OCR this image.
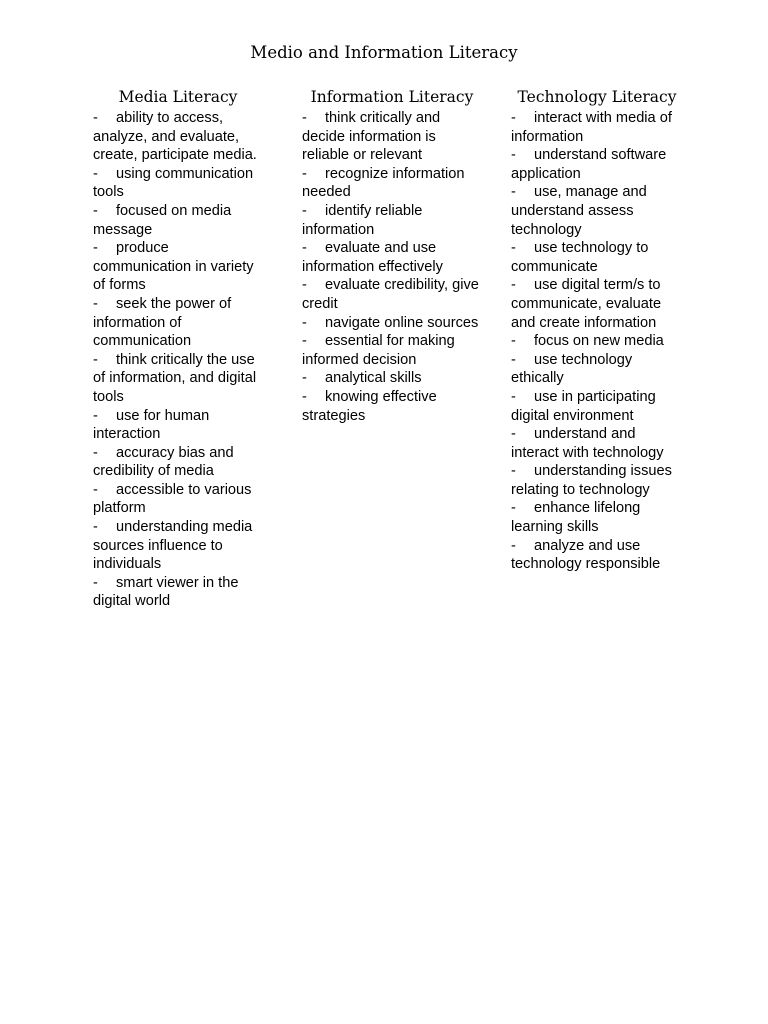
Medio and Information Literacy
Media Literacy
- ability to access, analyze, and evaluate, create, participate media.
- using communication tools
- focused on media message
- produce communication in variety of forms
- seek the power of information of communication
- think critically the use of information, and digital tools
- use for human interaction
- accuracy bias and credibility of media
- accessible to various platform
- understanding media sources influence to individuals
- smart viewer in the digital world
Information Literacy
- think critically and decide information is reliable or relevant
- recognize information needed
- identify reliable information
- evaluate and use information effectively
- evaluate credibility, give credit
- navigate online sources
- essential for making informed decision
- analytical skills
- knowing effective strategies
Technology Literacy
- interact with media of information
- understand software application
- use, manage and understand assess technology
- use technology to communicate
- use digital term/s to communicate, evaluate and create information
- focus on new media
- use technology ethically
- use in participating digital environment
- understand and interact with technology
- understanding issues relating to technology
- enhance lifelong learning skills
- analyze and use technology responsible
